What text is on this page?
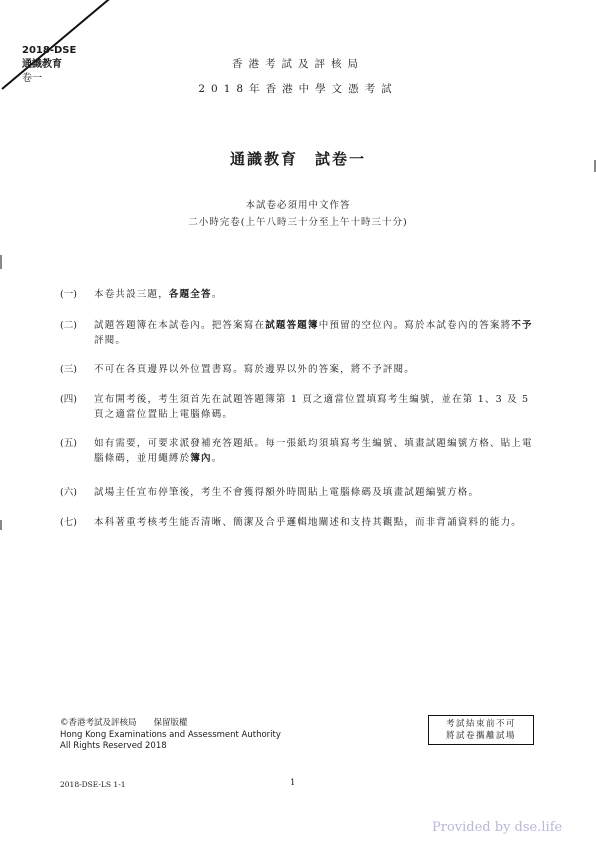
2018-DSE
通識教育
卷一
香港考試及評核局
2018年香港中學文憑考試
通識教育　試卷一
本試卷必須用中文作答
二小時完卷(上午八時三十分至上午十時三十分)
(一) 本卷共設三題，各題全答。
(二) 試題答題簿在本試卷內。把答案寫在試題答題簿中預留的空位內。寫於本試卷內的答案將不予評閱。
(三) 不可在各頁邊界以外位置書寫。寫於邊界以外的答案，將不予評閱。
(四) 宣布開考後，考生須首先在試題答題簿第 1 頁之適當位置填寫考生編號，並在第 1、3 及 5 頁之適當位置貼上電腦條碼。
(五) 如有需要，可要求派發補充答題紙。每一張紙均須填寫考生編號、填畫試題編號方格、貼上電腦條碼，並用繩縛於簿內。
(六) 試場主任宣布停筆後，考生不會獲得額外時間貼上電腦條碼及填畫試題編號方格。
(七) 本科著重考核考生能否清晰、簡潔及合乎邏輯地闡述和支持其觀點，而非背誦資料的能力。
©香港考試及評核局　　保留版權
Hong Kong Examinations and Assessment Authority
All Rights Reserved 2018
考試結束前不可
將試卷攜離試場
2018-DSE-LS 1-1	1
Provided by dse.life
